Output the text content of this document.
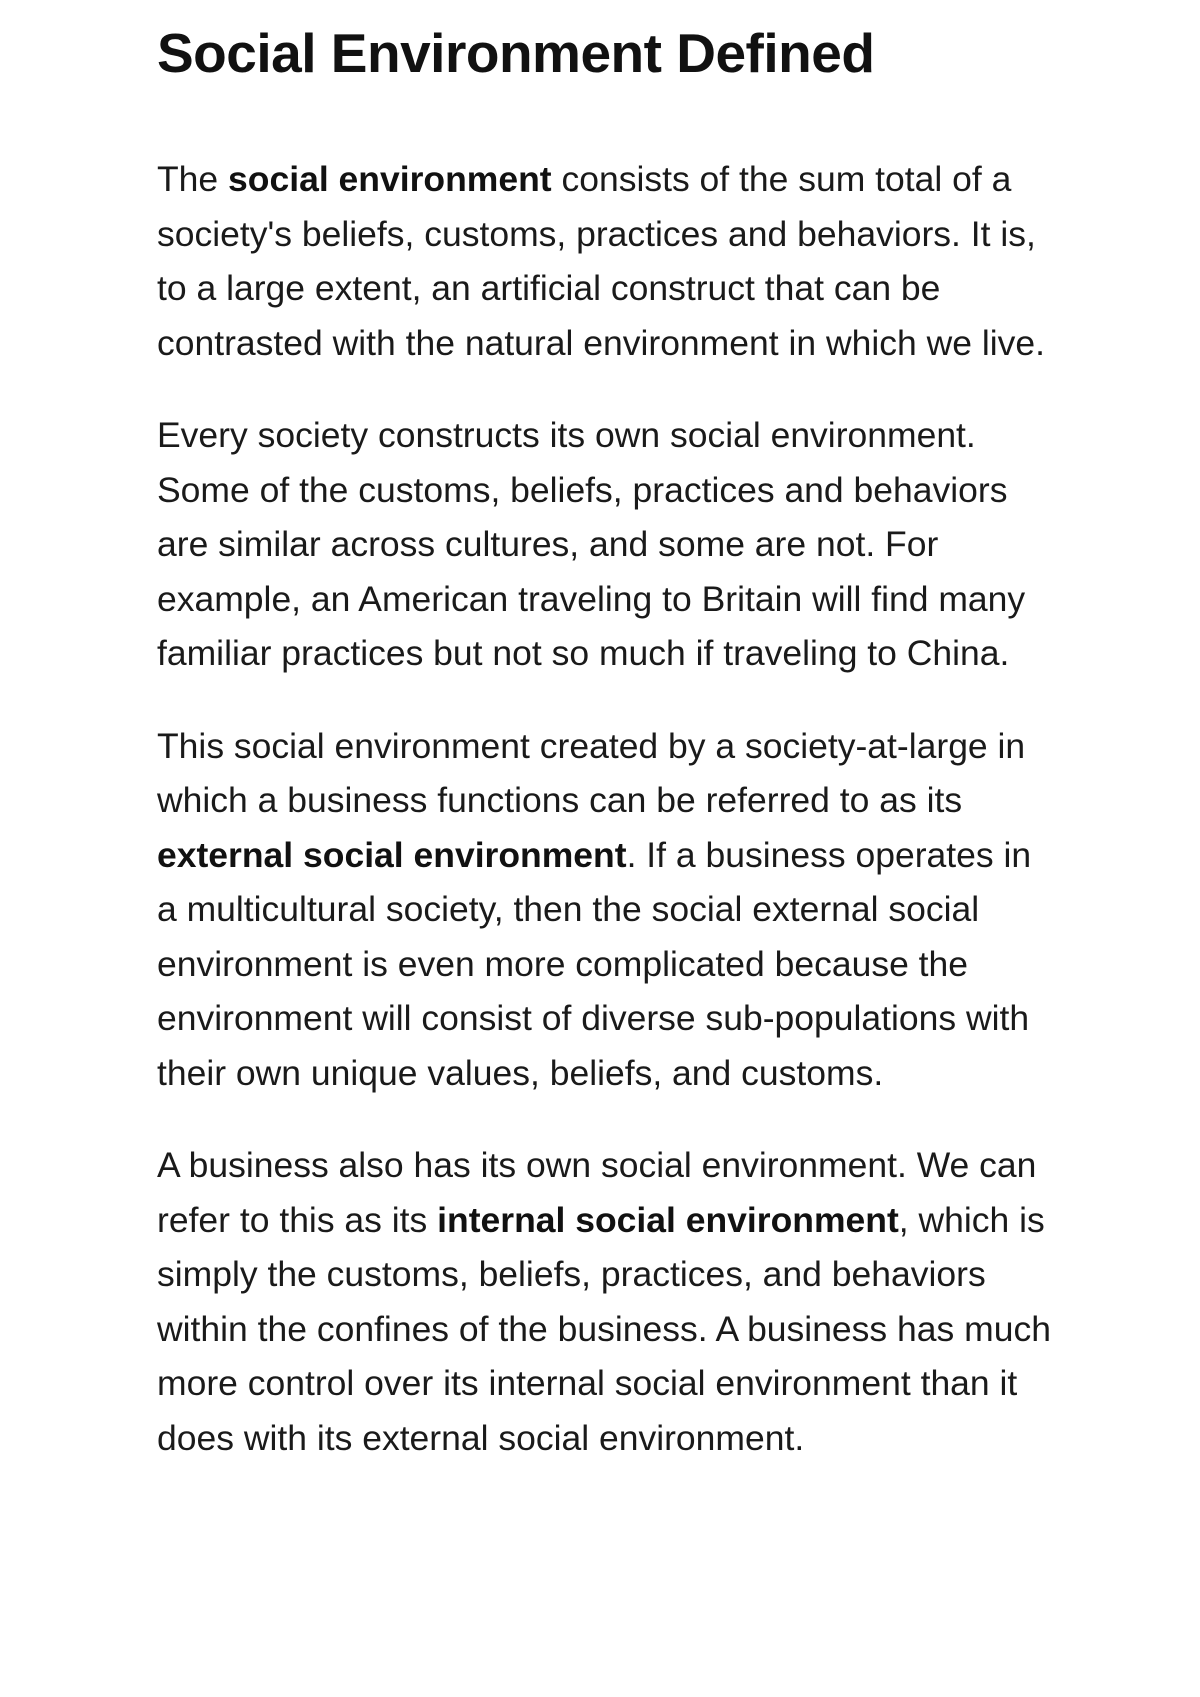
Social Environment Defined

The social environment consists of the sum total of a society's beliefs, customs, practices and behaviors. It is, to a large extent, an artificial construct that can be contrasted with the natural environment in which we live.

Every society constructs its own social environment. Some of the customs, beliefs, practices and behaviors are similar across cultures, and some are not. For example, an American traveling to Britain will find many familiar practices but not so much if traveling to China.

This social environment created by a society-at-large in which a business functions can be referred to as its external social environment. If a business operates in a multicultural society, then the social external social environment is even more complicated because the environment will consist of diverse sub-populations with their own unique values, beliefs, and customs.

A business also has its own social environment. We can refer to this as its internal social environment, which is simply the customs, beliefs, practices, and behaviors within the confines of the business. A business has much more control over its internal social environment than it does with its external social environment.
